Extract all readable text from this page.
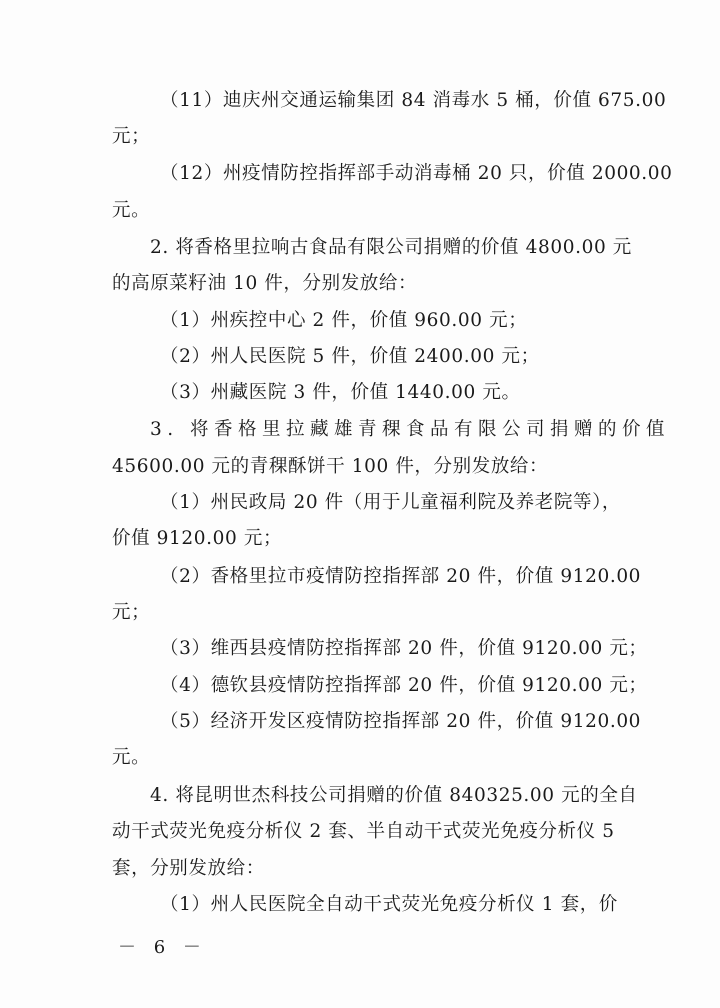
（11）迪庆州交通运输集团 84 消毒水 5 桶，价值 675.00
元；
（12）州疫情防控指挥部手动消毒桶 20 只，价值 2000.00
元。
2. 将香格里拉响古食品有限公司捐赠的价值 4800.00 元
的高原菜籽油 10 件，分别发放给：
（1）州疾控中心 2 件，价值 960.00 元；
（2）州人民医院 5 件，价值 2400.00 元；
（3）州藏医院 3 件，价值 1440.00 元。
3. 将香格里拉藏雄青稞食品有限公司捐赠的价值
45600.00 元的青稞酥饼干 100 件，分别发放给：
（1）州民政局 20 件（用于儿童福利院及养老院等），
价值 9120.00 元；
（2）香格里拉市疫情防控指挥部 20 件，价值 9120.00
元；
（3）维西县疫情防控指挥部 20 件，价值 9120.00 元；
（4）德钦县疫情防控指挥部 20 件，价值 9120.00 元；
（5）经济开发区疫情防控指挥部 20 件，价值 9120.00
元。
4. 将昆明世杰科技公司捐赠的价值 840325.00 元的全自
动干式荧光免疫分析仪 2 套、半自动干式荧光免疫分析仪 5
套，分别发放给：
（1）州人民医院全自动干式荧光免疫分析仪 1 套，价
－ 6 －
